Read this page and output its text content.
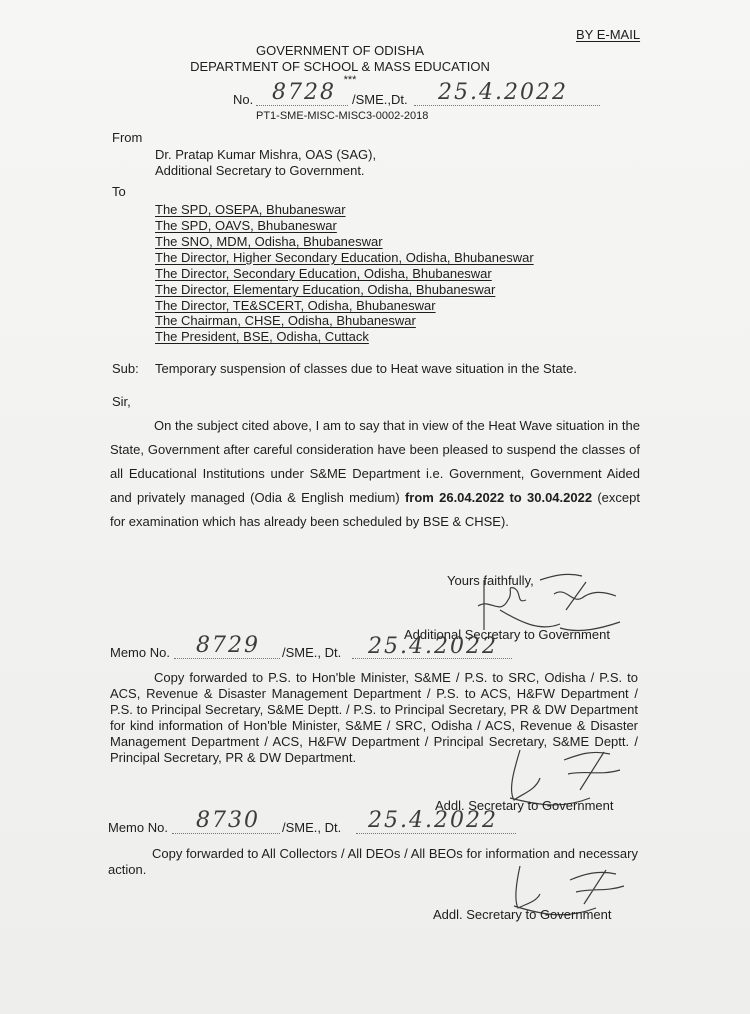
BY E-MAIL
GOVERNMENT OF ODISHA
DEPARTMENT OF SCHOOL & MASS EDUCATION
***
No. 8728 /SME.,Dt. 25.4.2022
PT1-SME-MISC-MISC3-0002-2018
From
Dr. Pratap Kumar Mishra, OAS (SAG),
Additional Secretary to Government.
To
The SPD, OSEPA, Bhubaneswar
The SPD, OAVS, Bhubaneswar
The SNO, MDM, Odisha, Bhubaneswar
The Director, Higher Secondary Education, Odisha, Bhubaneswar
The Director, Secondary Education, Odisha, Bhubaneswar
The Director, Elementary Education, Odisha, Bhubaneswar
The Director, TE&SCERT, Odisha, Bhubaneswar
The Chairman, CHSE, Odisha, Bhubaneswar
The President, BSE, Odisha, Cuttack
Sub: Temporary suspension of classes due to Heat wave situation in the State.
Sir,
On the subject cited above, I am to say that in view of the Heat Wave situation in the State, Government after careful consideration have been pleased to suspend the classes of all Educational Institutions under S&ME Department i.e. Government, Government Aided and privately managed (Odia & English medium) from 26.04.2022 to 30.04.2022 (except for examination which has already been scheduled by BSE & CHSE).
Yours faithfully,
Additional Secretary to Government
Memo No. 8729 /SME., Dt. 25.4.2022
Copy forwarded to P.S. to Hon'ble Minister, S&ME / P.S. to SRC, Odisha / P.S. to ACS, Revenue & Disaster Management Department / P.S. to ACS, H&FW Department / P.S. to Principal Secretary, S&ME Deptt. / P.S. to Principal Secretary, PR & DW Department for kind information of Hon'ble Minister, S&ME / SRC, Odisha / ACS, Revenue & Disaster Management Department / ACS, H&FW Department / Principal Secretary, S&ME Deptt. / Principal Secretary, PR & DW Department.
Addl. Secretary to Government
Memo No. 8730 /SME., Dt. 25.4.2022
Copy forwarded to All Collectors / All DEOs / All BEOs for information and necessary action.
Addl. Secretary to Government
